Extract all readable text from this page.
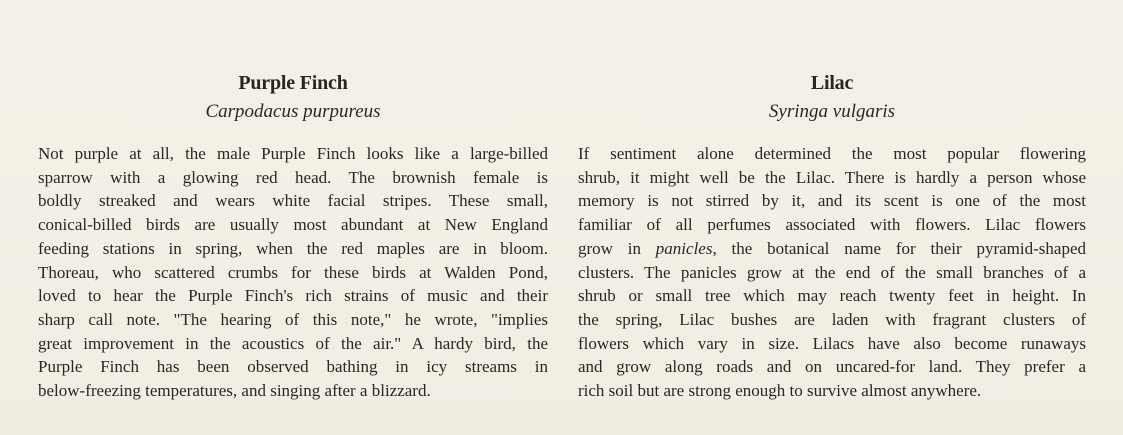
Purple Finch

Carpodacus purpureus

Not purple at all, the male Purple Finch looks like a large-billed
sparrow with a glowing red head. The brownish female is
boldly streaked and wears white facial stripes. These small,
conical-billed birds are usually most abundant at New England
feeding stations in spring, when the red maples are in bloom.
Thoreau, who scattered crumbs for these birds at Walden Pond,
loved to hear the Purple Finch's rich strains of music and their
sharp call note. "The hearing of this note," he wrote, "implies
great improvement in the acoustics of the air." A hardy bird, the
Purple Finch has been observed bathing in icy streams in
below-freezing temperatures, and singing after a blizzard.
Lilac

Syringa vulgaris

If sentiment alone determined the most popular flowering
shrub, it might well be the Lilac. There is hardly a person whose
memory is not stirred by it, and its scent is one of the most
familiar of all perfumes associated with flowers. Lilac flowers
grow in panicles, the botanical name for their pyramid-shaped
clusters. The panicles grow at the end of the small branches of a
shrub or small tree which may reach twenty feet in height. In
the spring, Lilac bushes are laden with fragrant clusters of
flowers which vary in size. Lilacs have also become runaways
and grow along roads and on uncared-for land. They prefer a
rich soil but are strong enough to survive almost anywhere.
